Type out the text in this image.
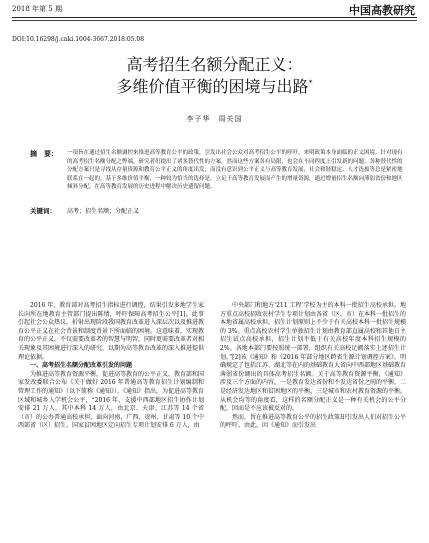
2018 年第 5 期	中国高教研究
DOI:10.16298/j.cnki.1004-3667.2018.05.08
高考招生名额分配正义：
多维价值平衡的困境与出路*
李子华　周关国
摘　要： 一项旨在通过招生名额调控来推进高等教育公平的政策，引发出社会公众对高考招生公平的呼吁，来明政策本身面临的正义困境。针对现有的高考招生名额分配之弊端，研究者们提出了诸多替代性的方案，然而这些方案各有局限，也会在不同程度上引发新的问题。各种替代性的分配方案只是寻找从存量资源和教育公平正义的角度出发，而没有意识到公平正义与高等教育发展、社会和谐稳定、人才选拔等总是紧密地联系在一起的。基于多维价值平衡，一种较为恰当的选择是，立足于高等教育发展而产生的增量资源，通过增量招生名额向薄弱省份和地区倾斜分配，在高等教育发展的历史进程中解决历史遗留问题。
关键词： 高考；招生名额；分配正义

2016 年，教育部对高考招生指标进行调控，结果引发多地学生家长向所在地教育主管部门提出陈情，呼吁保障高考招生公平[1]。此事引起社会公众热议，折射出现阶段我国教育改革进入深层次以及推进教育公平正义在社会背景和制度背景下所面临的困境。这意味着，实现教育的公平正义，不仅需要改革者的智慧与明智，同时更需要改革者对相关现象及其困境进行深入的研究，以期为高等教育改革的深入推进提供理论依据。

一、高考招生名额分配改革引发的问题

为推进高等教育资源平衡，促进高等教育的公平正义，教育部和国家发改委联合公布《关于做好 2016 年普通高等教育招生计划编制和管理工作的通知》（以下简称《通知》）。《通知》指出，为促进高等教育区域和城乡入学机会公平，“2016 年，支援中西部地区招生协作计划安排 21 万人，其中本科 14 万人，由北京、天津、江苏等 14 个省（市）的公办普通高校承担，面向河南、广西、贵州、甘肃等 10 个中西部省（区）招生。国家贫困地区定向招生专项计划安排 6 万人，由

中央部门和地方‘211 工程’学校为主的本科一批招生高校承担。地方重点高校招收农村学生专项计划由各省（区、市）在本科一批招生的本地省属高校承担，招生计划原则上不少于有关高校本科一批招生规模的 3%。重点高校农村学生单独招生计划由教育部直属高校和其他自主招生试点高校承担，招生计划不低于有关高校年度本科招生规模的 2%。各地本部门要按照统一部署，组织有关高校足额落实上述招生计划。”[2]该《通知》和《2016 年部分地区跨省生源计划调控方案》，明确规定了包括江苏、湖北等在内的基础教育大省向中西部地区基础教育薄弱省份调出的具体高考招生名额。关于高等教育资源平衡，《通知》涉及三个方面的内容，一是教育发达省份和不发达省份之间的平衡，二是经济发达地区和贫困地区的平衡，三是城市和农村教育资源的平衡。从机会均等的角度看，这样的名额分配正义是一种有关机会的公平分配，因而是不应该被反对的。

然而，旨在推进高等教育公平的招生政策却引发出人们对招生公平的呼吁。由此，因《通知》而引发出
